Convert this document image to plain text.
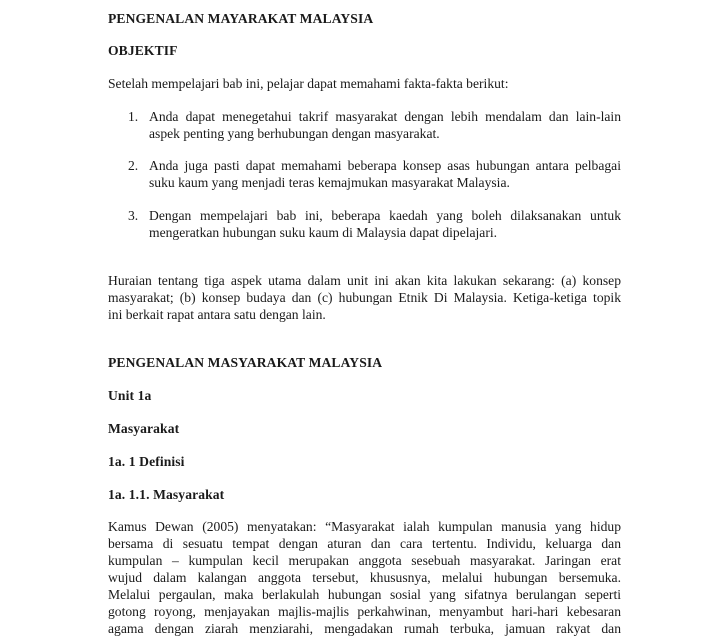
PENGENALAN MAYARAKAT MALAYSIA
OBJEKTIF
Setelah mempelajari bab ini, pelajar dapat memahami fakta-fakta berikut:
1. Anda dapat menegetahui takrif masyarakat dengan lebih mendalam dan lain-lain
aspek penting yang berhubungan dengan masyarakat.
2. Anda juga pasti dapat memahami beberapa konsep asas hubungan antara pelbagai
suku kaum yang menjadi teras kemajmukan masyarakat Malaysia.
3. Dengan mempelajari bab ini, beberapa kaedah yang boleh dilaksanakan untuk
mengeratkan hubungan suku kaum di Malaysia dapat dipelajari.
Huraian tentang tiga aspek utama dalam unit ini akan kita lakukan sekarang: (a) konsep
masyarakat; (b) konsep budaya dan (c) hubungan Etnik Di Malaysia. Ketiga-ketiga topik
ini berkait rapat antara satu dengan lain.
PENGENALAN MASYARAKAT MALAYSIA
Unit 1a
Masyarakat
1a. 1 Definisi
1a. 1.1. Masyarakat
Kamus Dewan (2005) menyatakan: “Masyarakat ialah kumpulan manusia yang hidup
bersama di sesuatu tempat dengan aturan dan cara tertentu. Individu, keluarga dan
kumpulan – kumpulan kecil merupakan anggota sesebuah masyarakat. Jaringan erat
wujud dalam kalangan anggota tersebut, khususnya, melalui hubungan bersemuka.
Melalui pergaulan, maka berlakulah hubungan sosial yang sifatnya berulangan seperti
gotong royong, menjayakan majlis-majlis perkahwinan, menyambut hari-hari kebesaran
agama dengan ziarah menziarahi, mengadakan rumah terbuka, jamuan rakyat dan
